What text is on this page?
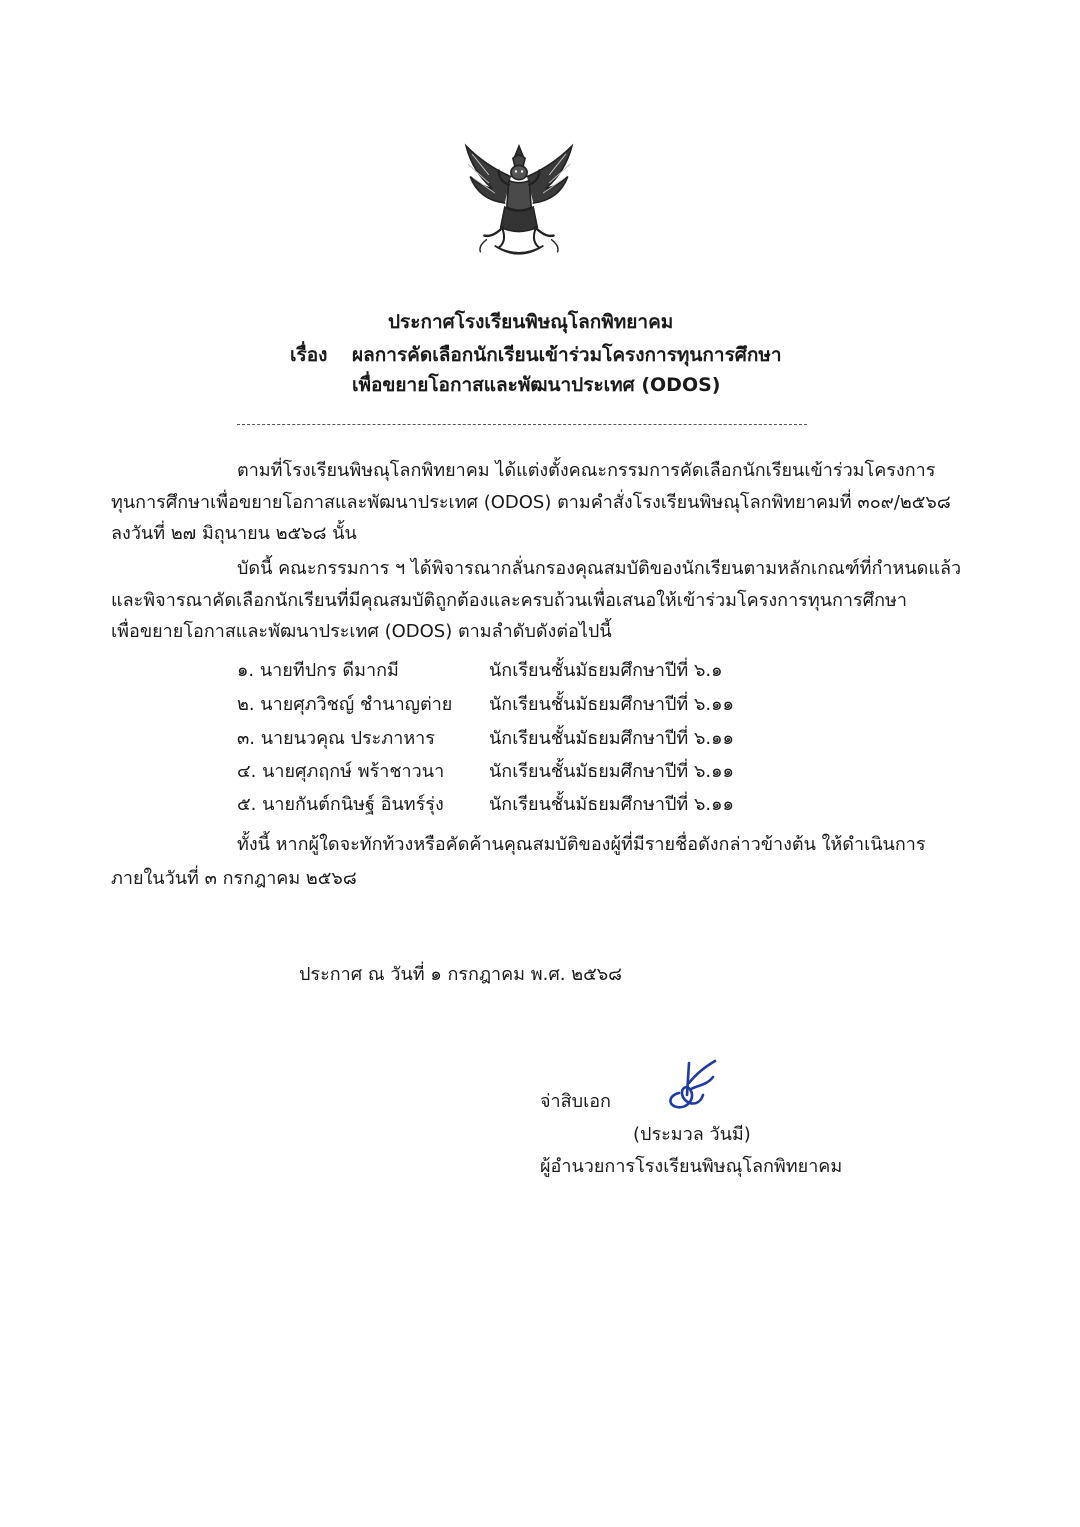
ประกาศโรงเรียนพิษณุโลกพิทยาคม
เรื่อง ผลการคัดเลือกนักเรียนเข้าร่วมโครงการทุนการศึกษา
เพื่อขยายโอกาสและพัฒนาประเทศ (ODOS)
ตามที่โรงเรียนพิษณุโลกพิทยาคม ได้แต่งตั้งคณะกรรมการคัดเลือกนักเรียนเข้าร่วมโครงการ
ทุนการศึกษาเพื่อขยายโอกาสและพัฒนาประเทศ (ODOS) ตามคำสั่งโรงเรียนพิษณุโลกพิทยาคมที่ ๓๐๙/๒๕๖๘
ลงวันที่ ๒๗ มิถุนายน ๒๕๖๘ นั้น
บัดนี้ คณะกรรมการ ฯ ได้พิจารณากลั่นกรองคุณสมบัติของนักเรียนตามหลักเกณฑ์ที่กำหนดแล้ว
และพิจารณาคัดเลือกนักเรียนที่มีคุณสมบัติถูกต้องและครบถ้วนเพื่อเสนอให้เข้าร่วมโครงการทุนการศึกษา
เพื่อขยายโอกาสและพัฒนาประเทศ (ODOS) ตามลำดับดังต่อไปนี้
๑. นายทีปกร ดีมากมี	นักเรียนชั้นมัธยมศึกษาปีที่ ๖.๑
๒. นายศุภวิชญ์ ชำนาญต่าย นักเรียนชั้นมัธยมศึกษาปีที่ ๖.๑๑
๓. นายนวคุณ ประภาหาร	นักเรียนชั้นมัธยมศึกษาปีที่ ๖.๑๑
๔. นายศุภฤกษ์ พร้าชาวนา นักเรียนชั้นมัธยมศึกษาปีที่ ๖.๑๑
๕. นายกันต์กนิษฐ์ อินทร์รุ่ง	นักเรียนชั้นมัธยมศึกษาปีที่ ๖.๑๑
ทั้งนี้ หากผู้ใดจะทักท้วงหรือคัดค้านคุณสมบัติของผู้ที่มีรายชื่อดังกล่าวข้างต้น ให้ดำเนินการ
ภายในวันที่ ๓ กรกฎาคม ๒๕๖๘
ประกาศ ณ วันที่ ๑ กรกฎาคม พ.ศ. ๒๕๖๘
จ่าสิบเอก
(ประมวล วันมี)
ผู้อำนวยการโรงเรียนพิษณุโลกพิทยาคม
